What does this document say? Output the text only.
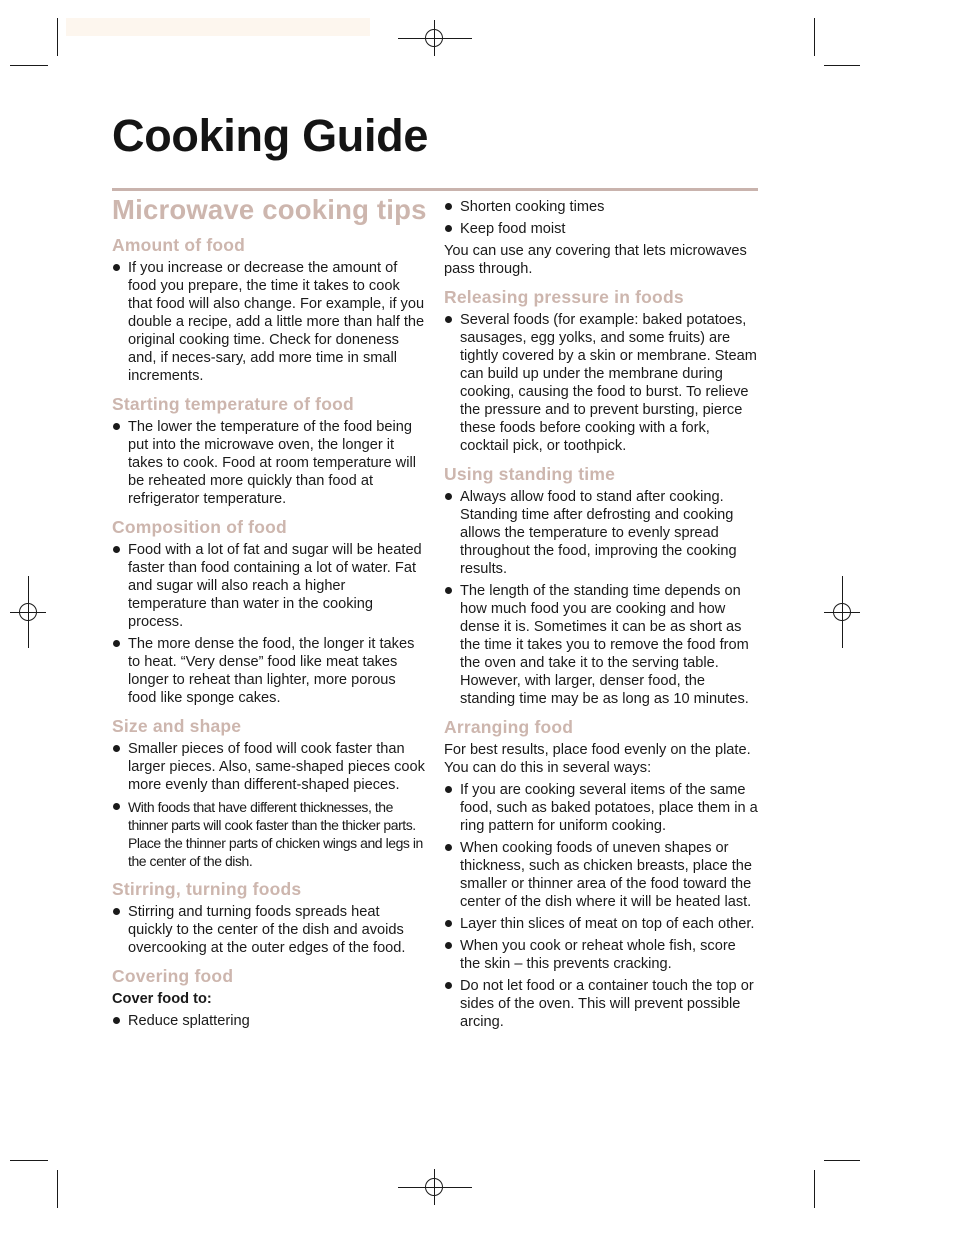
Cooking Guide
Microwave cooking tips
Amount of food
If you increase or decrease the amount of food you prepare, the time it takes to cook that food will also change. For example, if you double a recipe, add a little more than half the original cooking time. Check for doneness and, if neces-sary, add more time in small increments.
Starting temperature of food
The lower the temperature of the food being put into the microwave oven, the longer it takes to cook. Food at room temperature will be reheated more quickly than food at refrigerator temperature.
Composition of food
Food with a lot of fat and sugar will be heated faster than food containing a lot of water. Fat and sugar will also reach a higher temperature than water in the cooking process.
The more dense the food, the longer it takes to heat. “Very dense” food like meat takes longer to reheat than lighter, more porous food like sponge cakes.
Size and shape
Smaller pieces of food will cook faster than larger pieces. Also, same-shaped pieces cook more evenly than different-shaped pieces.
With foods that have different thicknesses, the thinner parts will cook faster than the thicker parts. Place the thinner parts of chicken wings and legs in the center of the dish.
Stirring, turning foods
Stirring and turning foods spreads heat quickly to the center of the dish and avoids overcooking at the outer edges of the food.
Covering food

Cover food to:

Reduce splattering
Shorten cooking times
Keep food moist

You can use any covering that lets microwaves pass through.

Releasing pressure in foods
Several foods (for example: baked potatoes, sausages, egg yolks, and some fruits) are tightly covered by a skin or membrane. Steam can build up under the membrane during cooking, causing the food to burst. To relieve the pressure and to prevent bursting, pierce these foods before cooking with a fork, cocktail pick, or toothpick.
Using standing time
Always allow food to stand after cooking. Standing time after defrosting and cooking allows the temperature to evenly spread throughout the food, improving the cooking results.
The length of the standing time depends on how much food you are cooking and how dense it is. Sometimes it can be as short as the time it takes you to remove the food from the oven and take it to the serving table. However, with larger, denser food, the standing time may be as long as 10 minutes.
Arranging food

For best results, place food evenly on the plate. You can do this in several ways:

If you are cooking several items of the same food, such as baked potatoes, place them in a ring pattern for uniform cooking.
When cooking foods of uneven shapes or thickness, such as chicken breasts, place the smaller or thinner area of the food toward the center of the dish where it will be heated last.
Layer thin slices of meat on top of each other.
When you cook or reheat whole fish, score the skin – this prevents cracking.
Do not let food or a container touch the top or sides of the oven. This will prevent possible arcing.
